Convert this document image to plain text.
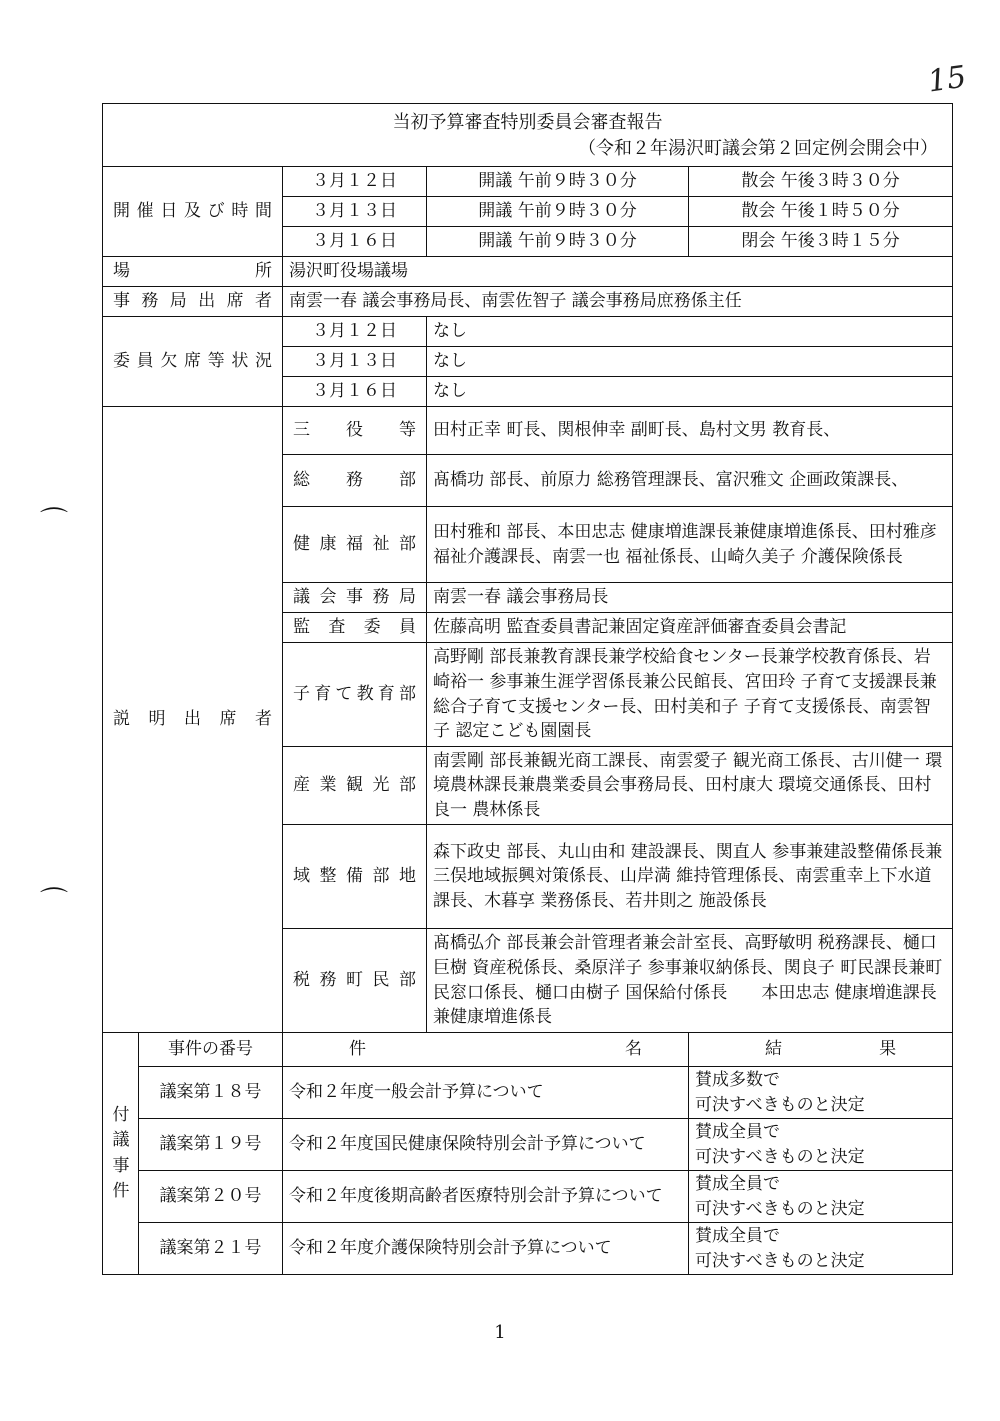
15
⌒
⌒
当初予算審査特別委員会審査報告
（令和２年湯沢町議会第２回定例会開会中）				

開催日及び時間		３月１２日	開議 午前９時３０分	散会 午後３時３０分
		３月１３日	開議 午前９時３０分	散会 午後１時５０分
		３月１６日	開議 午前９時３０分	閉会 午後３時１５分
場所		湯沢町役場議場		
事務局出席者		南雲一春 議会事務局長、南雲佐智子 議会事務局庶務係主任		
委員欠席等状況		３月１２日	なし	
		３月１３日	なし	
		３月１６日	なし	
説明出席者		三役等	田村正幸 町長、関根伸幸 副町長、島村文男 教育長、	
		総務部	髙橋功 部長、前原力 総務管理課長、富沢雅文 企画政策課長、	
		健康福祉部	田村雅和 部長、本田忠志 健康増進課長兼健康増進係長、田村雅彦 福祉介護課長、南雲一也 福祉係長、山崎久美子 介護保険係長	
		議会事務局	南雲一春 議会事務局長	
		監査委員	佐藤高明 監査委員書記兼固定資産評価審査委員会書記	
		子育て教育部	高野剛 部長兼教育課長兼学校給食センター長兼学校教育係長、岩崎裕一 参事兼生涯学習係長兼公民館長、宮田玲 子育て支援課長兼総合子育て支援センター長、田村美和子 子育て支援係長、南雲智子 認定こども園園長	
		産業観光部	南雲剛 部長兼観光商工課長、南雲愛子 観光商工係長、古川健一 環境農林課長兼農業委員会事務局長、田村康大 環境交通係長、田村良一 農林係長	
		域整備部地	森下政史 部長、丸山由和 建設課長、関直人 参事兼建設整備係長兼三俣地域振興対策係長、山岸満 維持管理係長、南雲重幸上下水道課長、木暮享 業務係長、若井則之 施設係長	
		税務町民部	髙橋弘介 部長兼会計管理者兼会計室長、高野敏明 税務課長、樋口巨樹 資産税係長、桑原洋子 参事兼収納係長、関良子 町民課長兼町民窓口係長、樋口由樹子 国保給付係長　　本田忠志 健康増進課長兼健康増進係長	

付議事件	事件の番号	件 名		結 果

	議案第１８号	令和２年度一般会計予算について		賛成多数で
可決すべきものと決定

	議案第１９号	令和２年度国民健康保険特別会計予算について		賛成全員で
可決すべきものと決定

	議案第２０号	令和２年度後期高齢者医療特別会計予算について		賛成全員で
可決すべきものと決定

	議案第２１号	令和２年度介護保険特別会計予算について		賛成全員で
可決すべきものと決定
1
